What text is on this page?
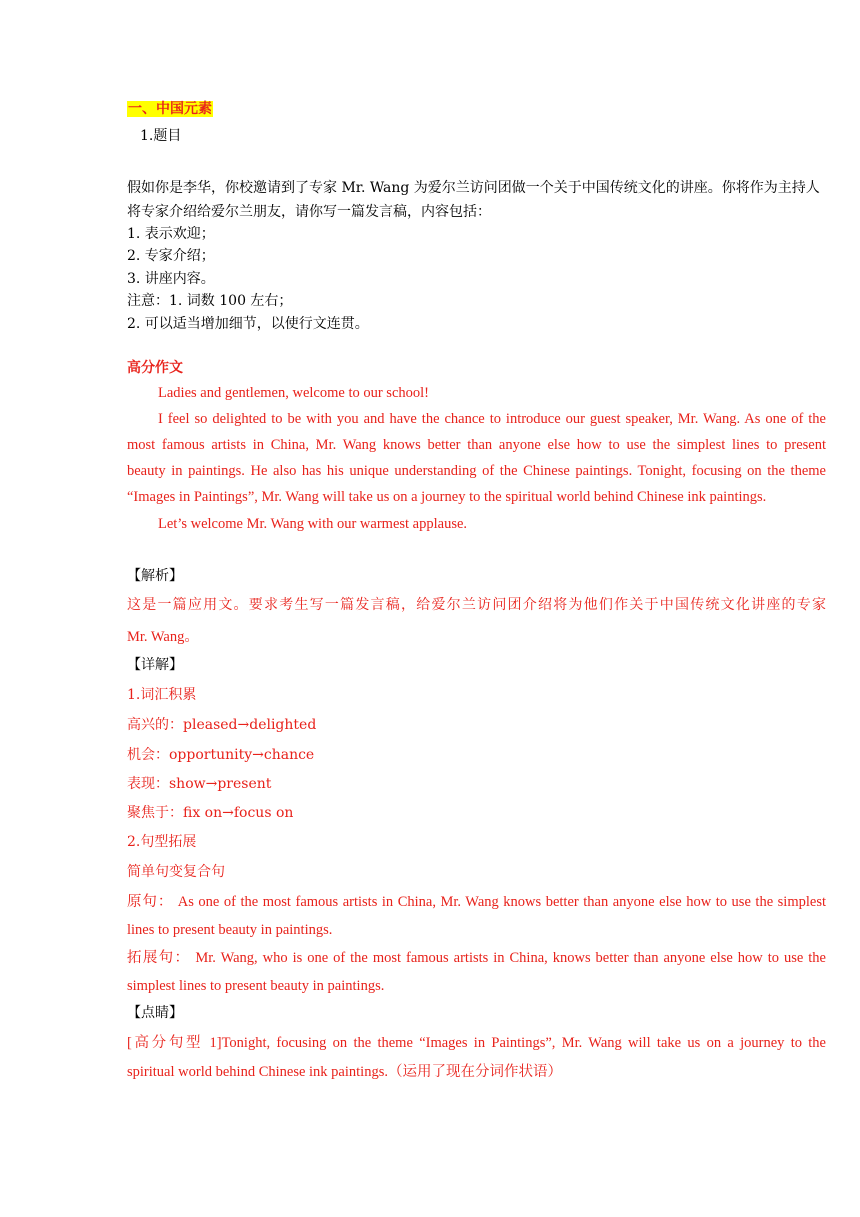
一、中国元素
1.题目
假如你是李华，你校邀请到了专家 Mr. Wang 为爱尔兰访问团做一个关于中国传统文化的讲座。你将作为主持人
将专家介绍给爱尔兰朋友，请你写一篇发言稿，内容包括：
1. 表示欢迎；
2. 专家介绍；
3. 讲座内容。
注意：1. 词数 100 左右；
2. 可以适当增加细节，以使行文连贯。
高分作文
Ladies and gentlemen, welcome to our school!
I feel so delighted to be with you and have the chance to introduce our guest speaker, Mr. Wang. As one of the
most famous artists in China, Mr. Wang knows better than anyone else how to use the simplest lines to present
beauty in paintings. He also has his unique understanding of the Chinese paintings. Tonight, focusing on the theme
“Images in Paintings”, Mr. Wang will take us on a journey to the spiritual world behind Chinese ink paintings.
Let’s welcome Mr. Wang with our warmest applause.
【解析】
这是一篇应用文。要求考生写一篇发言稿，给爱尔兰访问团介绍将为他们作关于中国传统文化讲座的专家
Mr. Wang。
【详解】
1.词汇积累
高兴的：pleased→delighted
机会：opportunity→chance
表现：show→present
聚焦于：fix on→focus on
2.句型拓展
简单句变复合句
原句： As one of the most famous artists in China, Mr. Wang knows better than anyone else how to use the simplest
lines to present beauty in paintings.
拓展句： Mr. Wang, who is one of the most famous artists in China, knows better than anyone else how to use the
simplest lines to present beauty in paintings.
【点睛】
[高分句型 1]Tonight, focusing on the theme “Images in Paintings”, Mr. Wang will take us on a journey to the
spiritual world behind Chinese ink paintings.（运用了现在分词作状语）
